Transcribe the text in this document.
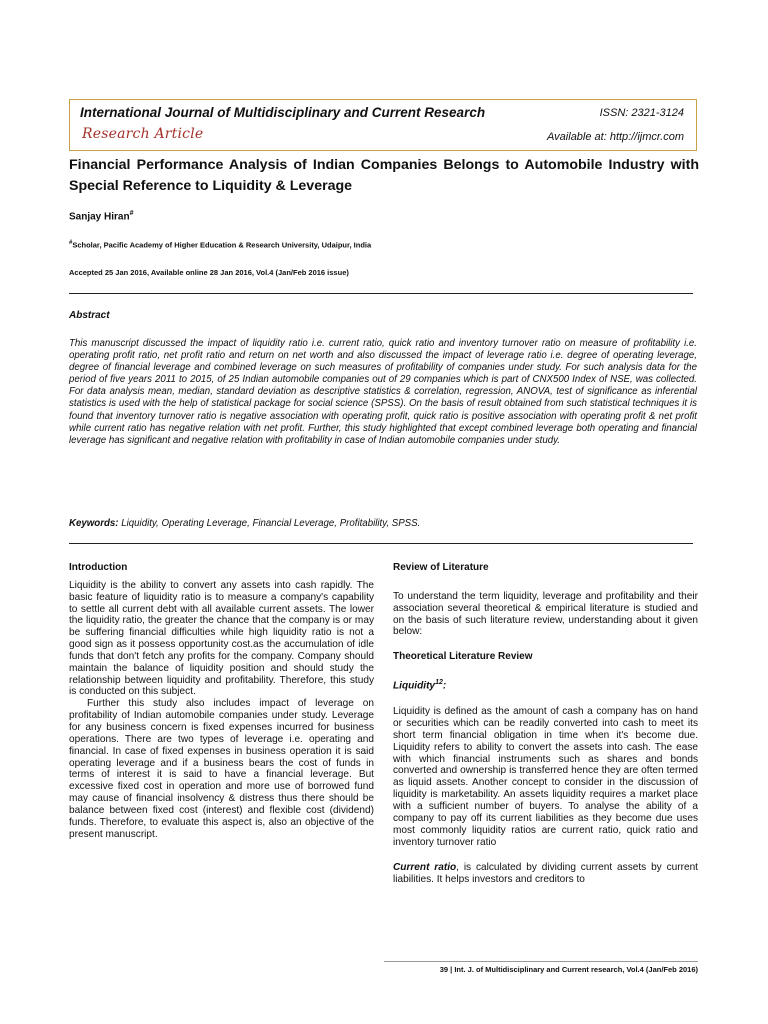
International Journal of Multidisciplinary and Current Research	ISSN: 2321-3124
Research Article	Available at: http://ijmcr.com
Financial Performance Analysis of Indian Companies Belongs to Automobile Industry with Special Reference to Liquidity & Leverage
Sanjay Hiran#
#Scholar, Pacific Academy of Higher Education & Research University, Udaipur, India
Accepted 25 Jan 2016, Available online 28 Jan 2016, Vol.4 (Jan/Feb 2016 issue)
Abstract
This manuscript discussed the impact of liquidity ratio i.e. current ratio, quick ratio and inventory turnover ratio on measure of profitability i.e. operating profit ratio, net profit ratio and return on net worth and also discussed the impact of leverage ratio i.e. degree of operating leverage, degree of financial leverage and combined leverage on such measures of profitability of companies under study. For such analysis data for the period of five years 2011 to 2015, of 25 Indian automobile companies out of 29 companies which is part of CNX500 Index of NSE, was collected. For data analysis mean, median, standard deviation as descriptive statistics & correlation, regression, ANOVA, test of significance as inferential statistics is used with the help of statistical package for social science (SPSS). On the basis of result obtained from such statistical techniques it is found that inventory turnover ratio is negative association with operating profit, quick ratio is positive association with operating profit & net profit while current ratio has negative relation with net profit. Further, this study highlighted that except combined leverage both operating and financial leverage has significant and negative relation with profitability in case of Indian automobile companies under study.
Keywords: Liquidity, Operating Leverage, Financial Leverage, Profitability, SPSS.

Introduction

Liquidity is the ability to convert any assets into cash rapidly. The basic feature of liquidity ratio is to measure a company's capability to settle all current debt with all available current assets. The lower the liquidity ratio, the greater the chance that the company is or may be suffering financial difficulties while high liquidity ratio is not a good sign as it possess opportunity cost.as the accumulation of idle funds that don't fetch any profits for the company. Company should maintain the balance of liquidity position and should study the relationship between liquidity and profitability. Therefore, this study is conducted on this subject.

Further this study also includes impact of leverage on profitability of Indian automobile companies under study. Leverage for any business concern is fixed expenses incurred for business operations. There are two types of leverage i.e. operating and financial. In case of fixed expenses in business operation it is said operating leverage and if a business bears the cost of funds in terms of interest it is said to have a financial leverage. But excessive fixed cost in operation and more use of borrowed fund may cause of financial insolvency & distress thus there should be balance between fixed cost (interest) and flexible cost (dividend) funds. Therefore, to evaluate this aspect is, also an objective of the present manuscript.

Review of Literature

To understand the term liquidity, leverage and profitability and their association several theoretical & empirical literature is studied and on the basis of such literature review, understanding about it given below:

Theoretical Literature Review

Liquidity$^{12}$:

Liquidity is defined as the amount of cash a company has on hand or securities which can be readily converted into cash to meet its short term financial obligation in time when it's become due. Liquidity refers to ability to convert the assets into cash. The ease with which financial instruments such as shares and bonds converted and ownership is transferred hence they are often termed as liquid assets. Another concept to consider in the discussion of liquidity is marketability. An assets liquidity requires a market place with a sufficient number of buyers. To analyse the ability of a company to pay off its current liabilities as they become due uses most commonly liquidity ratios are current ratio, quick ratio and inventory turnover ratio

Current ratio, is calculated by dividing current assets by current liabilities. It helps investors and creditors to

39 | Int. J. of Multidisciplinary and Current research, Vol.4 (Jan/Feb 2016)
